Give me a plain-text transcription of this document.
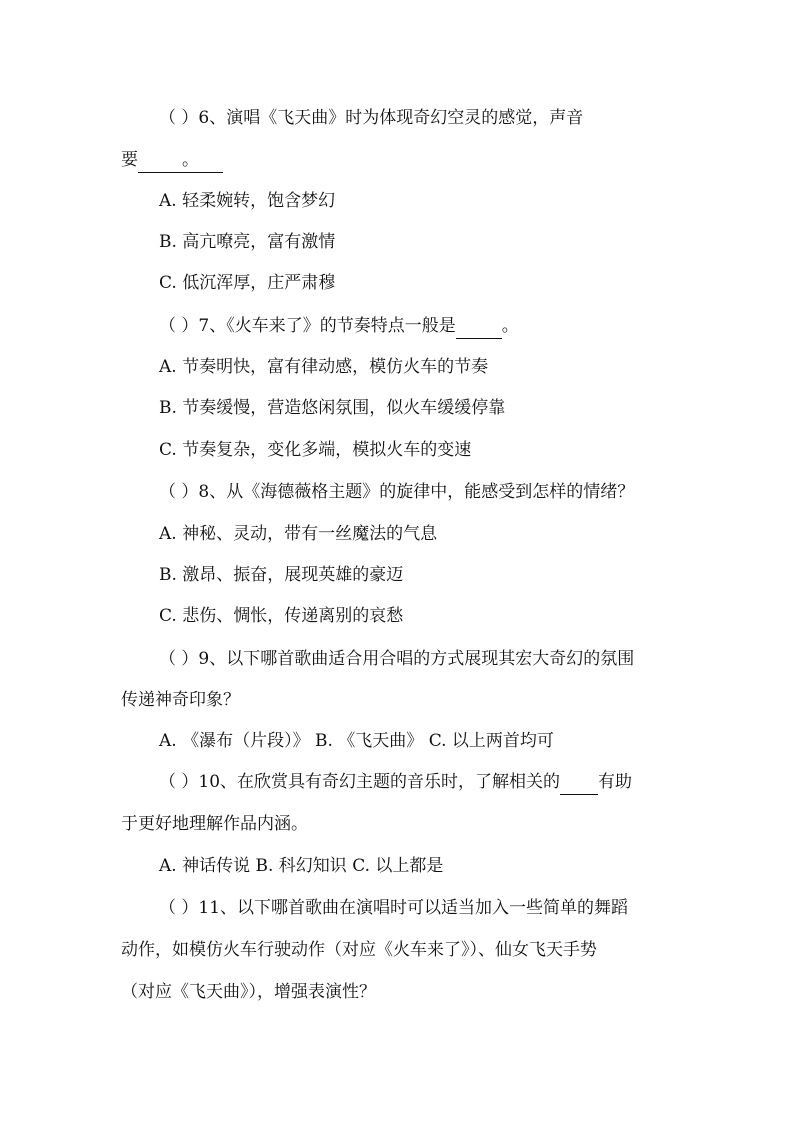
（ ）6、演唱《飞天曲》时为体现奇幻空灵的感觉，声音
要	。
A. 轻柔婉转，饱含梦幻
B. 高亢嘹亮，富有激情
C. 低沉浑厚，庄严肃穆
（ ）7、《火车来了》的节奏特点一般是	。
A. 节奏明快，富有律动感，模仿火车的节奏
B. 节奏缓慢，营造悠闲氛围，似火车缓缓停靠
C. 节奏复杂，变化多端，模拟火车的变速
（ ）8、从《海德薇格主题》的旋律中，能感受到怎样的情绪？
A. 神秘、灵动，带有一丝魔法的气息
B. 激昂、振奋，展现英雄的豪迈
C. 悲伤、惆怅，传递离别的哀愁
（ ）9、以下哪首歌曲适合用合唱的方式展现其宏大奇幻的氛围
传递神奇印象？
A. 《瀑布（片段）》 B. 《飞天曲》 C. 以上两首均可
（ ）10、在欣赏具有奇幻主题的音乐时，了解相关的 有助
于更好地理解作品内涵。
A. 神话传说 B. 科幻知识 C. 以上都是
（ ）11、以下哪首歌曲在演唱时可以适当加入一些简单的舞蹈
动作，如模仿火车行驶动作（对应《火车来了》）、仙女飞天手势
（对应《飞天曲》），增强表演性？
